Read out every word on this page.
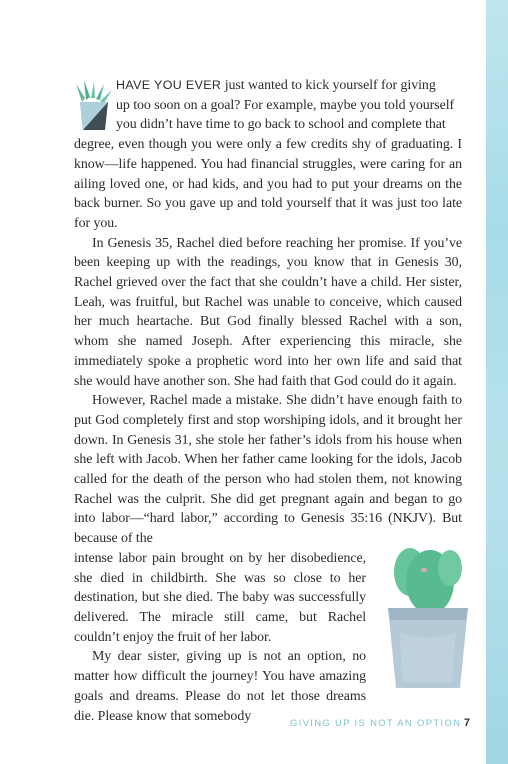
HAVE YOU EVER just wanted to kick yourself for giving
up too soon on a goal? For example, maybe you told yourself
you didn’t have time to go back to school and complete that

degree, even though you were only a few credits shy of graduating. I know—life happened. You had financial struggles, were caring for an ailing loved one, or had kids, and you had to put your dreams on the back burner. So you gave up and told yourself that it was just too late for you.

In Genesis 35, Rachel died before reaching her promise. If you’ve been keeping up with the readings, you know that in Genesis 30, Rachel grieved over the fact that she couldn’t have a child. Her sister, Leah, was fruitful, but Rachel was unable to conceive, which caused her much heartache. But God finally blessed Rachel with a son, whom she named Joseph. After experiencing this miracle, she immediately spoke a prophetic word into her own life and said that she would have another son. She had faith that God could do it again.

However, Rachel made a mistake. She didn’t have enough faith to put God completely first and stop worshiping idols, and it brought her down. In Genesis 31, she stole her father’s idols from his house when she left with Jacob. When her father came looking for the idols, Jacob called for the death of the person who had stolen them, not knowing Rachel was the culprit. She did get pregnant again and began to go into labor—“hard labor,” according to Genesis 35:16 (NKJV). But because of the

intense labor pain brought on by her disobedience, she died in childbirth. She was so close to her destination, but she died. The baby was successfully delivered. The miracle still came, but Rachel couldn’t enjoy the fruit of her labor.

My dear sister, giving up is not an option, no matter how difficult the journey! You have amazing goals and dreams. Please do not let those dreams die. Please know that somebody	GIVING UP IS NOT AN OPTION 7
